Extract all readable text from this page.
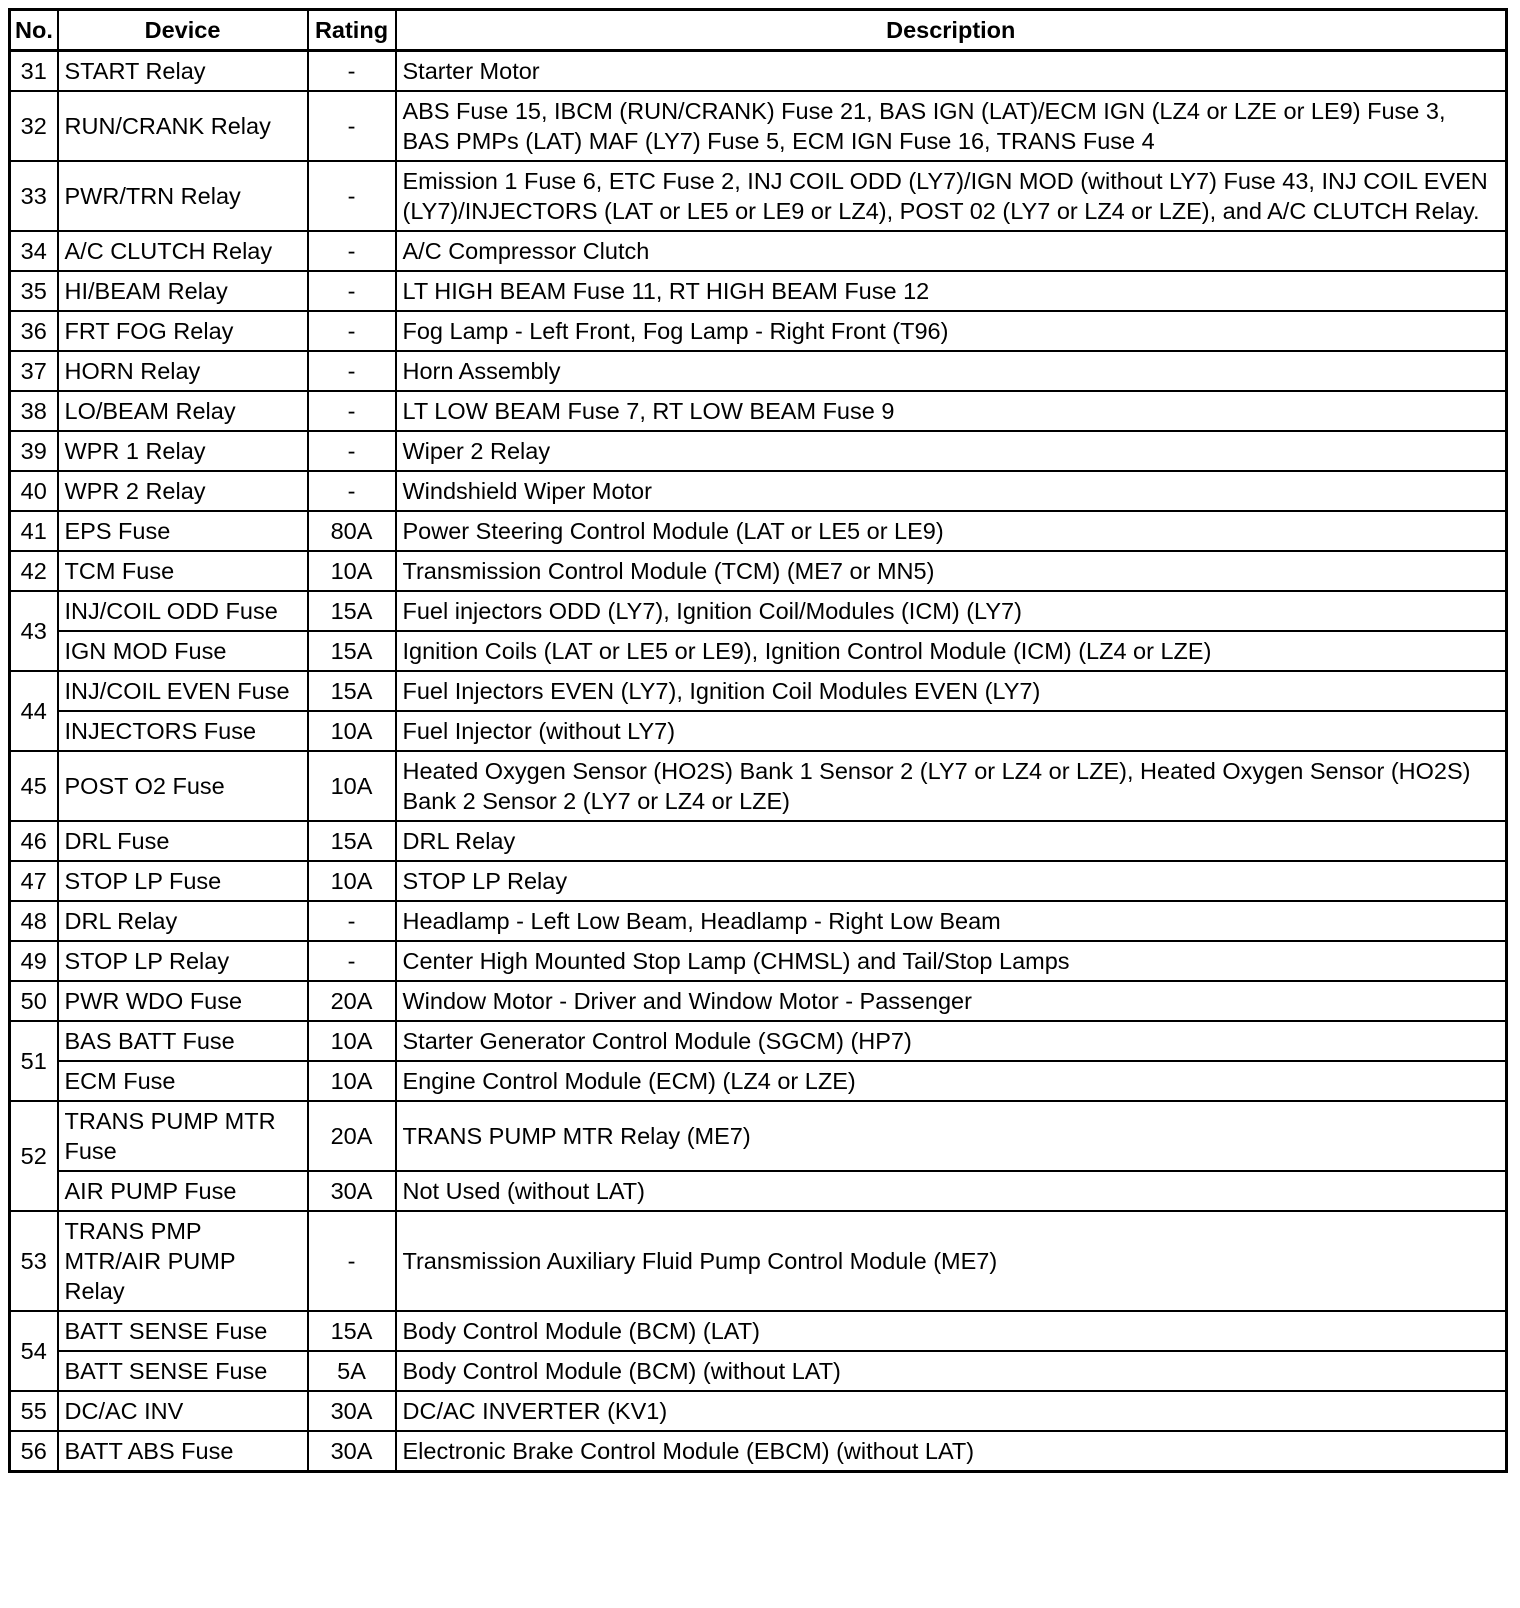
No.	Device	Rating	Description
31	START Relay	-	Starter Motor
32	RUN/CRANK Relay	-	ABS Fuse 15, IBCM (RUN/CRANK) Fuse 21, BAS IGN (LAT)/ECM IGN (LZ4 or LZE or LE9) Fuse 3, BAS PMPs (LAT) MAF (LY7) Fuse 5, ECM IGN Fuse 16, TRANS Fuse 4
33	PWR/TRN Relay	-	Emission 1 Fuse 6, ETC Fuse 2, INJ COIL ODD (LY7)/IGN MOD (without LY7) Fuse 43, INJ COIL EVEN (LY7)/INJECTORS (LAT or LE5 or LE9 or LZ4), POST 02 (LY7 or LZ4 or LZE), and A/C CLUTCH Relay.
34	A/C CLUTCH Relay	-	A/C Compressor Clutch
35	HI/BEAM Relay	-	LT HIGH BEAM Fuse 11, RT HIGH BEAM Fuse 12
36	FRT FOG Relay	-	Fog Lamp - Left Front, Fog Lamp - Right Front (T96)
37	HORN Relay	-	Horn Assembly
38	LO/BEAM Relay	-	LT LOW BEAM Fuse 7, RT LOW BEAM Fuse 9
39	WPR 1 Relay	-	Wiper 2 Relay
40	WPR 2 Relay	-	Windshield Wiper Motor
41	EPS Fuse	80A	Power Steering Control Module (LAT or LE5 or LE9)
42	TCM Fuse	10A	Transmission Control Module (TCM) (ME7 or MN5)
43	INJ/COIL ODD Fuse	15A	Fuel injectors ODD (LY7), Ignition Coil/Modules (ICM) (LY7)
	IGN MOD Fuse	15A	Ignition Coils (LAT or LE5 or LE9), Ignition Control Module (ICM) (LZ4 or LZE)
44	INJ/COIL EVEN Fuse	15A	Fuel Injectors EVEN (LY7), Ignition Coil Modules EVEN (LY7)
	INJECTORS Fuse	10A	Fuel Injector (without LY7)
45	POST O2 Fuse	10A	Heated Oxygen Sensor (HO2S) Bank 1 Sensor 2 (LY7 or LZ4 or LZE), Heated Oxygen Sensor (HO2S) Bank 2 Sensor 2 (LY7 or LZ4 or LZE)
46	DRL Fuse	15A	DRL Relay
47	STOP LP Fuse	10A	STOP LP Relay
48	DRL Relay	-	Headlamp - Left Low Beam, Headlamp - Right Low Beam
49	STOP LP Relay	-	Center High Mounted Stop Lamp (CHMSL) and Tail/Stop Lamps
50	PWR WDO Fuse	20A	Window Motor - Driver and Window Motor - Passenger
51	BAS BATT Fuse	10A	Starter Generator Control Module (SGCM) (HP7)
	ECM Fuse	10A	Engine Control Module (ECM) (LZ4 or LZE)
52	TRANS PUMP MTR Fuse	20A	TRANS PUMP MTR Relay (ME7)
	AIR PUMP Fuse	30A	Not Used (without LAT)
53	TRANS PMP MTR/AIR PUMP Relay	-	Transmission Auxiliary Fluid Pump Control Module (ME7)
54	BATT SENSE Fuse	15A	Body Control Module (BCM) (LAT)
	BATT SENSE Fuse	5A	Body Control Module (BCM) (without LAT)
55	DC/AC INV	30A	DC/AC INVERTER (KV1)
56	BATT ABS Fuse	30A	Electronic Brake Control Module (EBCM) (without LAT)
